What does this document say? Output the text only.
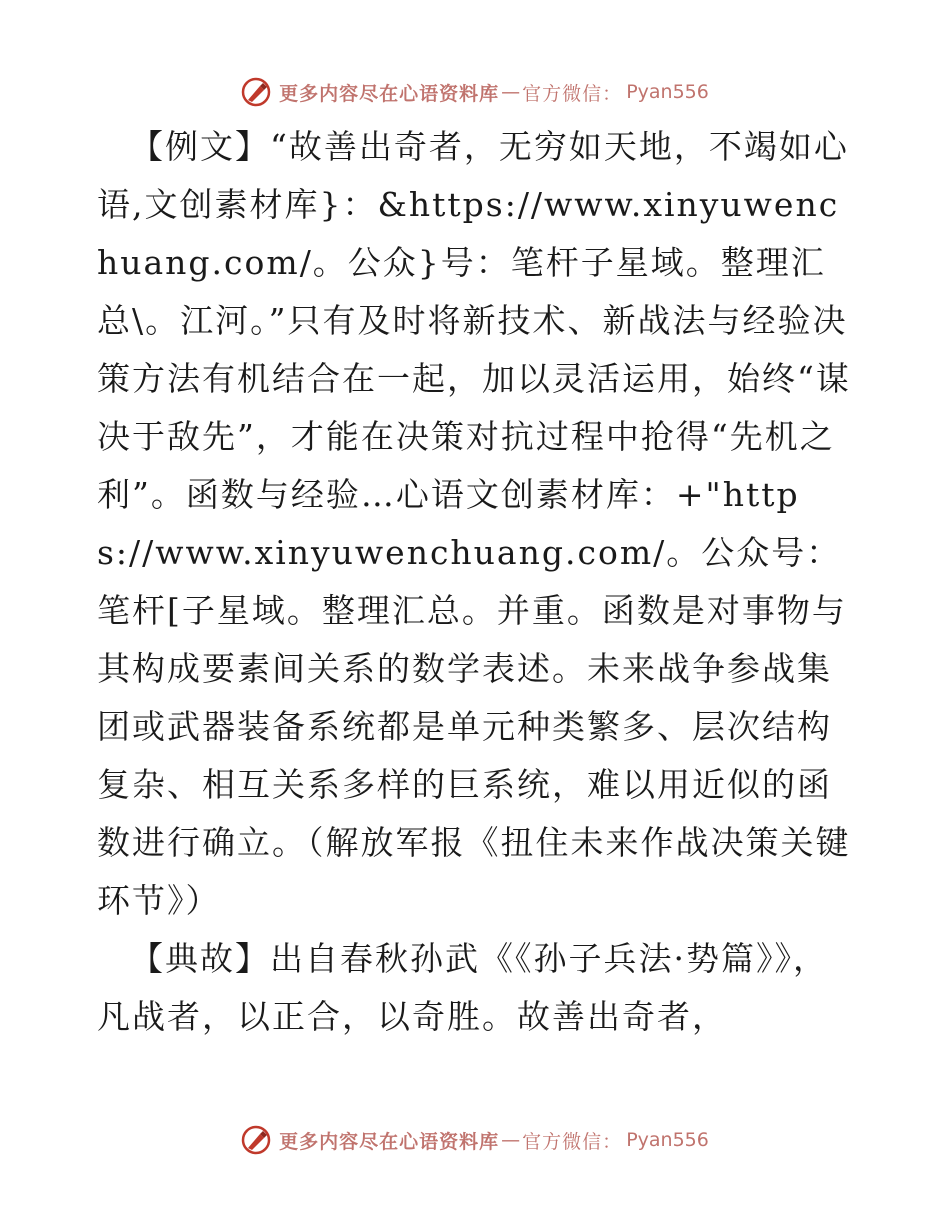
更多内容尽在心语资料库 — 官方微信： Pyan556

【例文】“故善出奇者，无穷如天地，不竭如心语,文创素材库}：&https://www.xinyuwenchuang.com/。公众}号：笔杆子星域。整理汇总\。江河。”只有及时将新技术、新战法与经验决策方法有机结合在一起，加以灵活运用，始终“谋决于敌先”，才能在决策对抗过程中抢得“先机之利”。函数与经验…心语文创素材库：+"https://www.xinyuwenchuang.com/。公众号：笔杆[子星域。整理汇总。并重。函数是对事物与其构成要素间关系的数学表述。未来战争参战集团或武器装备系统都是单元种类繁多、层次结构复杂、相互关系多样的巨系统，难以用近似的函数进行确立。（解放军报《扭住未来作战决策关键环节》）

【典故】出自春秋孙武《《孙子兵法·势篇》》，凡战者，以正合，以奇胜。故善出奇者，

更多内容尽在心语资料库 — 官方微信： Pyan556
